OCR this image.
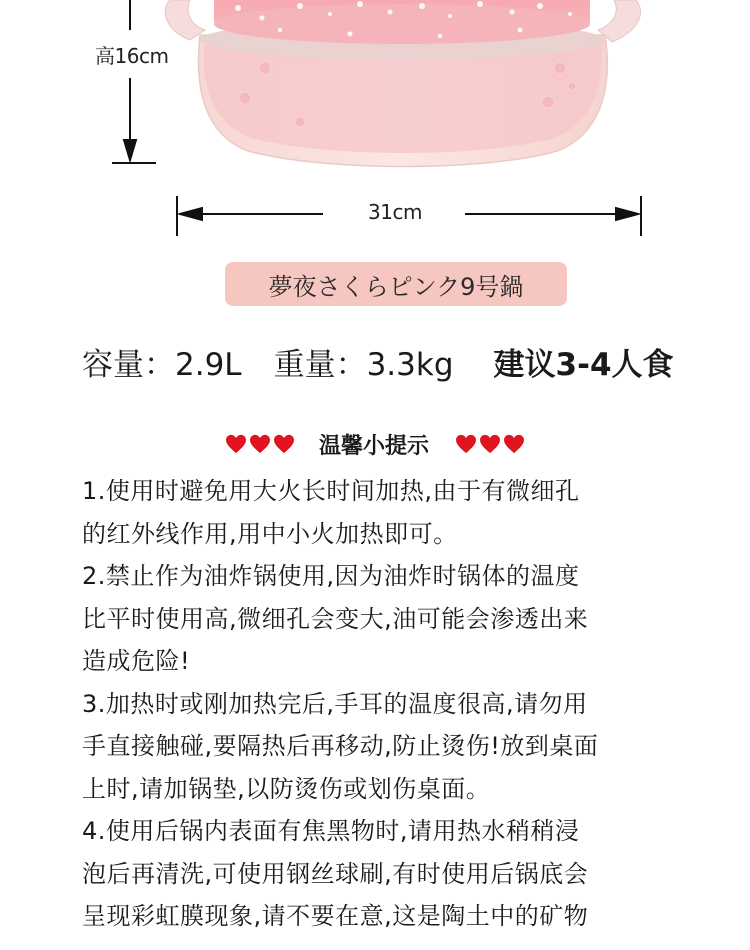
高16cm
31cm
夢夜さくらピンク9号鍋
容量：2.9L 重量：3.3kg 建议3-4人食
温馨小提示

1.使用时避免用大火长时间加热,由于有微细孔

的红外线作用,用中小火加热即可。

2.禁止作为油炸锅使用,因为油炸时锅体的温度

比平时使用高,微细孔会变大,油可能会渗透出来

造成危险!

3.加热时或刚加热完后,手耳的温度很高,请勿用

手直接触碰,要隔热后再移动,防止烫伤!放到桌面

上时,请加锅垫,以防烫伤或划伤桌面。

4.使用后锅内表面有焦黑物时,请用热水稍稍浸

泡后再清洗,可使用钢丝球刷,有时使用后锅底会

呈现彩虹膜现象,请不要在意,这是陶土中的矿物
